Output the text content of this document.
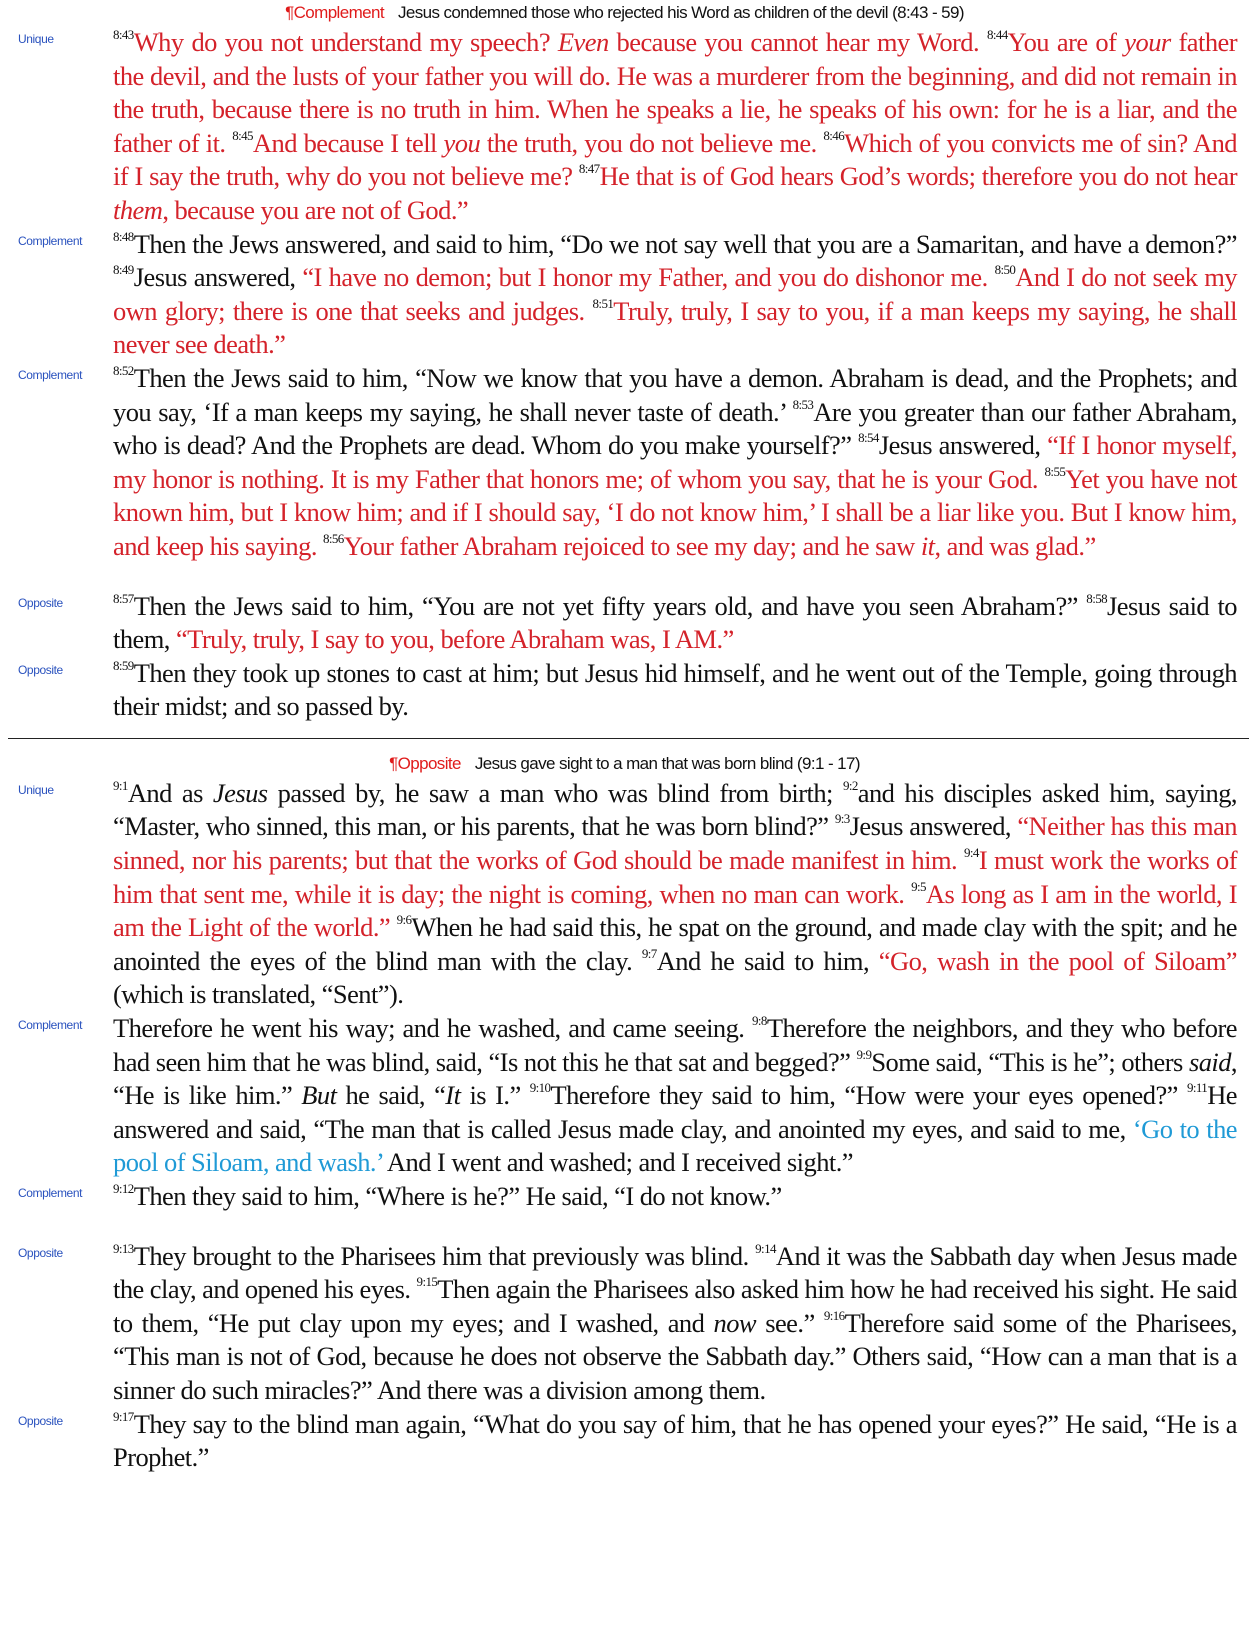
¶Complement Jesus condemned those who rejected his Word as children of the devil (8:43 - 59)
Unique	$^{8:43}$Why do you not understand my speech? Even because you cannot hear my Word. $^{8:44}$You are of your father the devil, and the lusts of your father you will do. He was a murderer from the beginning, and did not remain in the truth, because there is no truth in him. When he speaks a lie, he speaks of his own: for he is a liar, and the father of it. $^{8:45}$And because I tell you the truth, you do not believe me. $^{8:46}$Which of you convicts me of sin? And if I say the truth, why do you not believe me? $^{8:47}$He that is of God hears God’s words; therefore you do not hear them, because you are not of God.”
Complement $^{8:48}$Then the Jews answered, and said to him, “Do we not say well that you are a Samaritan, and have a demon?” $^{8:49}$Jesus answered, “I have no demon; but I honor my Father, and you do dishonor me. $^{8:50}$And I do not seek my own glory; there is one that seeks and judges. $^{8:51}$Truly, truly, I say to you, if a man keeps my saying, he shall never see death.”
Complement $^{8:52}$Then the Jews said to him, “Now we know that you have a demon. Abraham is dead, and the Prophets; and you say, ‘If a man keeps my saying, he shall never taste of death.’ $^{8:53}$Are you greater than our father Abraham, who is dead? And the Prophets are dead. Whom do you make yourself?” $^{8:54}$Jesus answered, “If I honor myself, my honor is nothing. It is my Father that honors me; of whom you say, that he is your God. $^{8:55}$Yet you have not known him, but I know him; and if I should say, ‘I do not know him,’ I shall be a liar like you. But I know him, and keep his saying. $^{8:56}$Your father Abraham rejoiced to see my day; and he saw it, and was glad.”
Opposite	$^{8:57}$Then the Jews said to him, “You are not yet fifty years old, and have you seen Abraham?” $^{8:58}$Jesus said to them, “Truly, truly, I say to you, before Abraham was, I AM.”
Opposite	$^{8:59}$Then they took up stones to cast at him; but Jesus hid himself, and he went out of the Temple, going through their midst; and so passed by.
¶Opposite Jesus gave sight to a man that was born blind (9:1 - 17)
Unique	$^{9:1}$And as Jesus passed by, he saw a man who was blind from birth; $^{9:2}$and his disciples asked him, saying, “Master, who sinned, this man, or his parents, that he was born blind?” $^{9:3}$Jesus answered, “Neither has this man sinned, nor his parents; but that the works of God should be made manifest in him. $^{9:4}$I must work the works of him that sent me, while it is day; the night is coming, when no man can work. $^{9:5}$As long as I am in the world, I am the Light of the world.” $^{9:6}$When he had said this, he spat on the ground, and made clay with the spit; and he anointed the eyes of the blind man with the clay. $^{9:7}$And he said to him, “Go, wash in the pool of Siloam” (which is translated, “Sent”).
Complement Therefore he went his way; and he washed, and came seeing. $^{9:8}$Therefore the neighbors, and they who before had seen him that he was blind, said, “Is not this he that sat and begged?” $^{9:9}$Some said, “This is he”; others said, “He is like him.” But he said, “It is I.” $^{9:10}$Therefore they said to him, “How were your eyes opened?” $^{9:11}$He answered and said, “The man that is called Jesus made clay, and anointed my eyes, and said to me, ‘Go to the pool of Siloam, and wash.’ And I went and washed; and I received sight.”
Complement $^{9:12}$Then they said to him, “Where is he?” He said, “I do not know.”
Opposite	$^{9:13}$They brought to the Pharisees him that previously was blind. $^{9:14}$And it was the Sabbath day when Jesus made the clay, and opened his eyes. $^{9:15}$Then again the Pharisees also asked him how he had received his sight. He said to them, “He put clay upon my eyes; and I washed, and now see.” $^{9:16}$Therefore said some of the Pharisees, “This man is not of God, because he does not observe the Sabbath day.” Others said, “How can a man that is a sinner do such miracles?” And there was a division among them.
Opposite	$^{9:17}$They say to the blind man again, “What do you say of him, that he has opened your eyes?” He said, “He is a Prophet.”
